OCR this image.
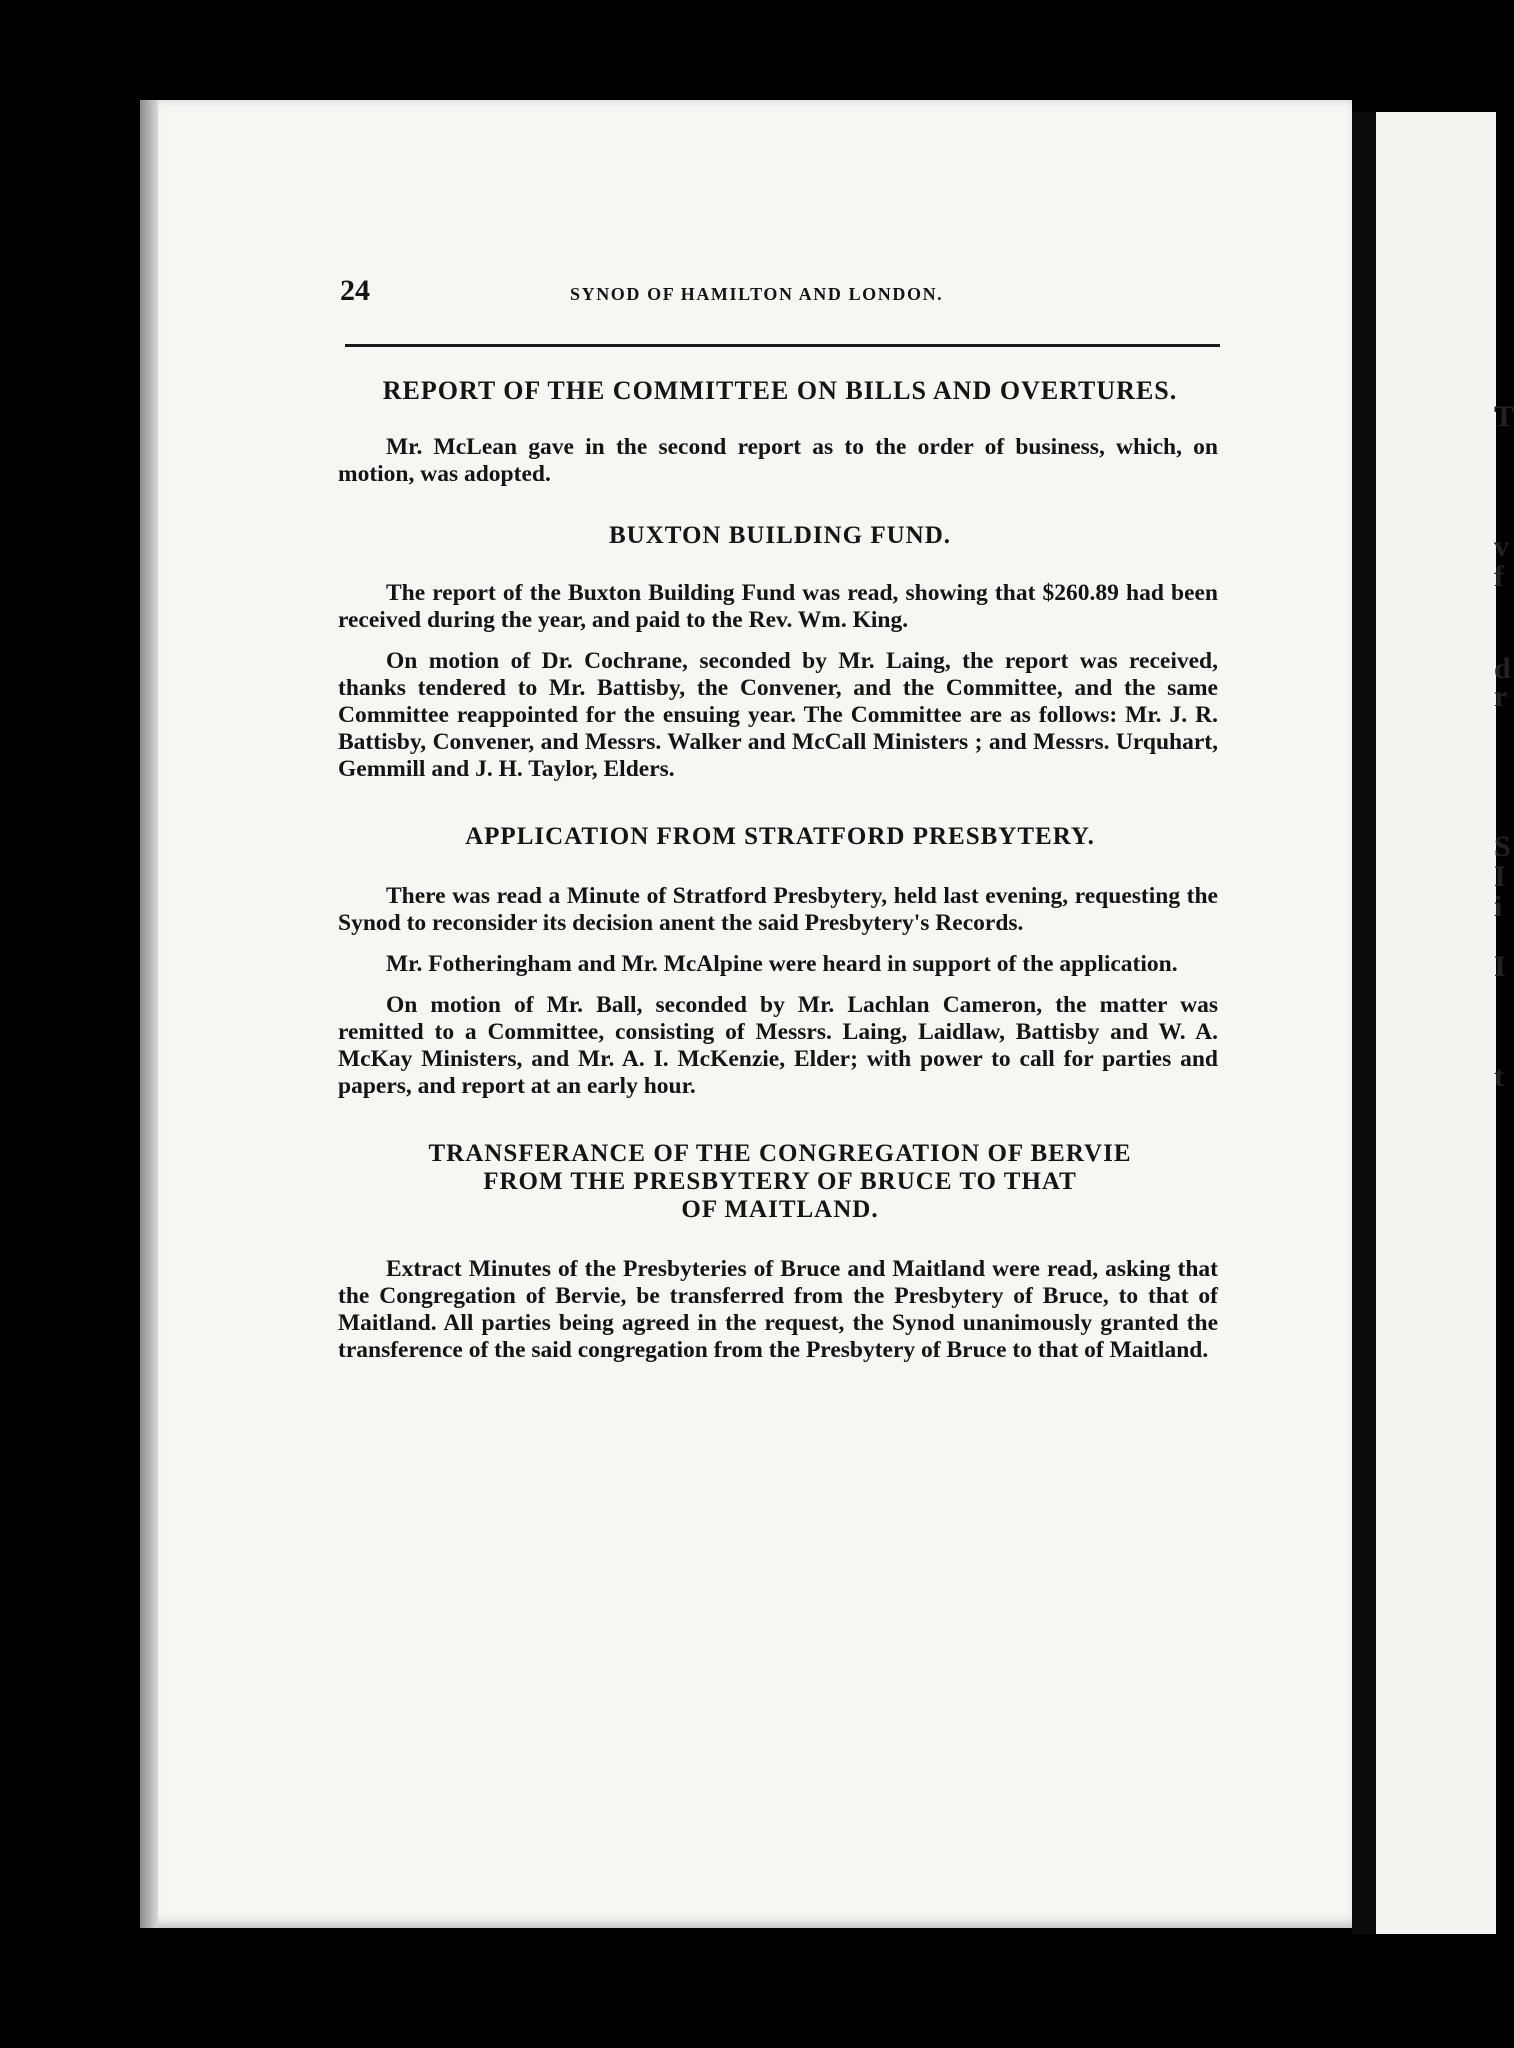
T
v
f
d
r
S
I
i
I
t
24	SYNOD OF HAMILTON AND LONDON.
REPORT OF THE COMMITTEE ON BILLS AND OVERTURES.

Mr. McLean gave in the second report as to the order of business, which, on motion, was adopted.

BUXTON BUILDING FUND.

The report of the Buxton Building Fund was read, showing that $260.89 had been received during the year, and paid to the Rev. Wm. King.

On motion of Dr. Cochrane, seconded by Mr. Laing, the report was received, thanks tendered to Mr. Battisby, the Convener, and the Committee, and the same Committee reappointed for the ensuing year. The Committee are as follows: Mr. J. R. Battisby, Convener, and Messrs. Walker and McCall Ministers ; and Messrs. Urquhart, Gemmill and J. H. Taylor, Elders.

APPLICATION FROM STRATFORD PRESBYTERY.

There was read a Minute of Stratford Presbytery, held last evening, requesting the Synod to reconsider its decision anent the said Presbytery's Records.

Mr. Fotheringham and Mr. McAlpine were heard in support of the application.

On motion of Mr. Ball, seconded by Mr. Lachlan Cameron, the matter was remitted to a Committee, consisting of Messrs. Laing, Laidlaw, Battisby and W. A. McKay Ministers, and Mr. A. I. McKenzie, Elder; with power to call for parties and papers, and report at an early hour.

TRANSFERANCE OF THE CONGREGATION OF BERVIE
FROM THE PRESBYTERY OF BRUCE TO THAT
OF MAITLAND.

Extract Minutes of the Presbyteries of Bruce and Maitland were read, asking that the Congregation of Bervie, be transferred from the Presbytery of Bruce, to that of Maitland. All parties being agreed in the request, the Synod unanimously granted the transference of the said congregation from the Presbytery of Bruce to that of Maitland.
